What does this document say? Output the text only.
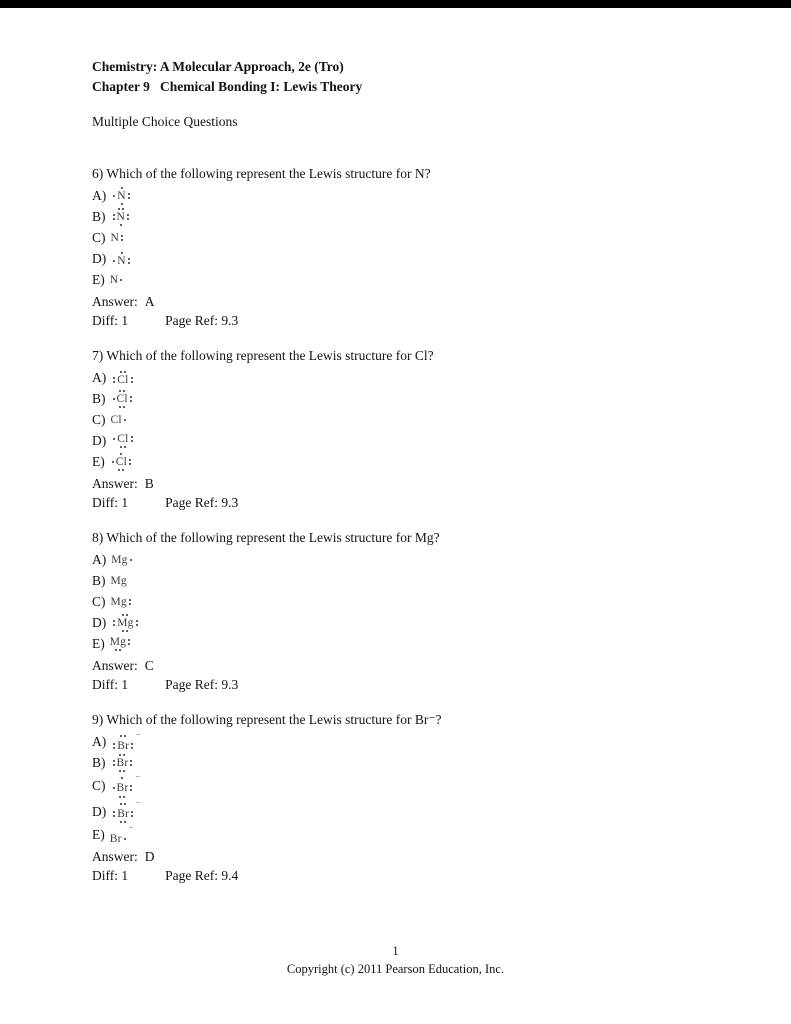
Chemistry: A Molecular Approach, 2e (Tro)
Chapter 9   Chemical Bonding I: Lewis Theory
Multiple Choice Questions
6) Which of the following represent the Lewis structure for N?
A) N
B) N
C) N
D) N
E) N
Answer: A
Diff: 1	Page Ref: 9.3
7) Which of the following represent the Lewis structure for Cl?
A) Cl
B) Cl
C) Cl
D) Cl
E) Cl
Answer: B
Diff: 1	Page Ref: 9.3
8) Which of the following represent the Lewis structure for Mg?
A) Mg
B) Mg
C) Mg
D) Mg
E) Mg
Answer: C
Diff: 1	Page Ref: 9.3
9) Which of the following represent the Lewis structure for Br⁻?
A) Br
−
B) Br
C) Br
−
D) Br
−
E) Br
−
Answer: D
Diff: 1	Page Ref: 9.4
1
Copyright (c) 2011 Pearson Education, Inc.
